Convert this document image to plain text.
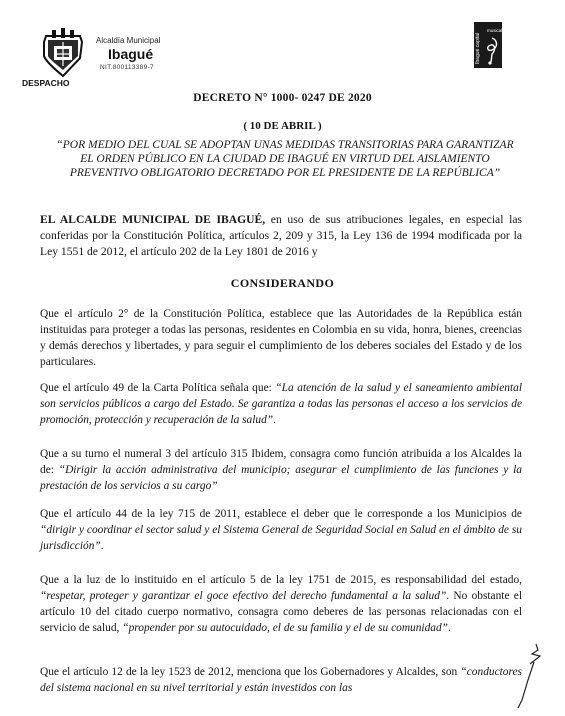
Alcaldía Municipal
Ibagué
NIT.800113389-7
DESPACHO
Ibagué capital
musical
DECRETO N° 1000- 0247 DE 2020
( 10 DE ABRIL )
“POR MEDIO DEL CUAL SE ADOPTAN UNAS MEDIDAS TRANSITORIAS PARA GARANTIZAR EL ORDEN PÚBLICO EN LA CIUDAD DE IBAGUÉ EN VIRTUD DEL AISLAMIENTO PREVENTIVO OBLIGATORIO DECRETADO POR EL PRESIDENTE DE LA REPÚBLICA”
EL ALCALDE MUNICIPAL DE IBAGUÉ, en uso de sus atribuciones legales, en especial las conferidas por la Constitución Política, artículos 2, 209 y 315, la Ley 136 de 1994 modificada por la Ley 1551 de 2012, el artículo 202 de la Ley 1801 de 2016 y
CONSIDERANDO
Que el artículo 2° de la Constitución Política, establece que las Autoridades de la República están instituidas para proteger a todas las personas, residentes en Colombia en su vida, honra, bienes, creencias y demás derechos y libertades, y para seguir el cumplimiento de los deberes sociales del Estado y de los particulares.
Que el artículo 49 de la Carta Política señala que: “La atención de la salud y el saneamiento ambiental son servicios públicos a cargo del Estado. Se garantiza a todas las personas el acceso a los servicios de promoción, protección y recuperación de la salud”.
Que a su turno el numeral 3 del artículo 315 Ibidem, consagra como función atribuida a los Alcaldes la de: “Dirigir la acción administrativa del municipio; asegurar el cumplimiento de las funciones y la prestación de los servicios a su cargo”
Que el artículo 44 de la ley 715 de 2011, establece el deber que le corresponde a los Municipios de “dirigir y coordinar el sector salud y el Sistema General de Seguridad Social en Salud en el ámbito de su jurisdicción”.
Que a la luz de lo instituido en el artículo 5 de la ley 1751 de 2015, es responsabilidad del estado, “respetar, proteger y garantizar el goce efectivo del derecho fundamental a la salud”. No obstante el artículo 10 del citado cuerpo normativo, consagra como deberes de las personas relacionadas con el servicio de salud, “propender por su autocuidado, el de su familia y el de su comunidad”.
Que el artículo 12 de la ley 1523 de 2012, menciona que los Gobernadores y Alcaldes, son “conductores del sistema nacional en su nivel territorial y están investidos con las
